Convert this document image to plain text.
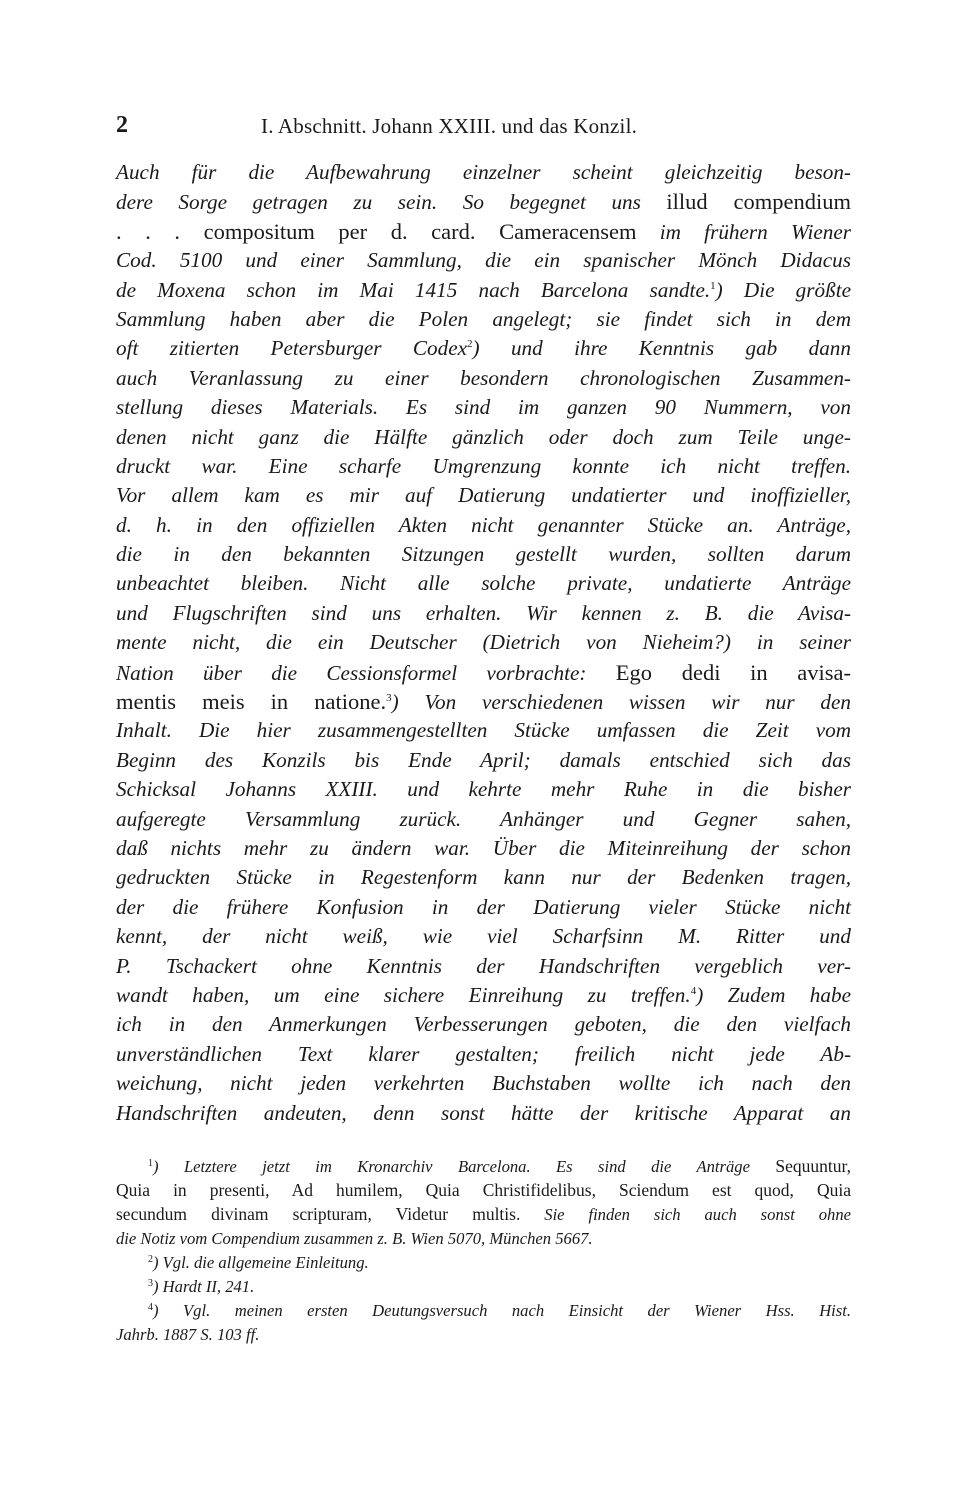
2	I. Abschnitt. Johann XXIII. und das Konzil.
Auch für die Aufbewahrung einzelner scheint gleichzeitig beson-
dere Sorge getragen zu sein. So begegnet uns illud compendium
. . . compositum per d. card. Cameracensem im frühern Wiener
Cod. 5100 und einer Sammlung, die ein spanischer Mönch Didacus
de Moxena schon im Mai 1415 nach Barcelona sandte.$^1$) Die größte
Sammlung haben aber die Polen angelegt; sie findet sich in dem
oft zitierten Petersburger Codex$^2$) und ihre Kenntnis gab dann
auch Veranlassung zu einer besondern chronologischen Zusammen-
stellung dieses Materials. Es sind im ganzen 90 Nummern, von
denen nicht ganz die Hälfte gänzlich oder doch zum Teile unge-
druckt war. Eine scharfe Umgrenzung konnte ich nicht treffen.
Vor allem kam es mir auf Datierung undatierter und inoffizieller,
d. h. in den offiziellen Akten nicht genannter Stücke an. Anträge,
die in den bekannten Sitzungen gestellt wurden, sollten darum
unbeachtet bleiben. Nicht alle solche private, undatierte Anträge
und Flugschriften sind uns erhalten. Wir kennen z. B. die Avisa-
mente nicht, die ein Deutscher (Dietrich von Nieheim?) in seiner
Nation über die Cessionsformel vorbrachte: Ego dedi in avisa-
mentis meis in natione.$^3$) Von verschiedenen wissen wir nur den
Inhalt. Die hier zusammengestellten Stücke umfassen die Zeit vom
Beginn des Konzils bis Ende April; damals entschied sich das
Schicksal Johanns XXIII. und kehrte mehr Ruhe in die bisher
aufgeregte Versammlung zurück. Anhänger und Gegner sahen,
daß nichts mehr zu ändern war. Über die Miteinreihung der schon
gedruckten Stücke in Regestenform kann nur der Bedenken tragen,
der die frühere Konfusion in der Datierung vieler Stücke nicht
kennt, der nicht weiß, wie viel Scharfsinn M. Ritter und
P. Tschackert ohne Kenntnis der Handschriften vergeblich ver-
wandt haben, um eine sichere Einreihung zu treffen.$^4$) Zudem habe
ich in den Anmerkungen Verbesserungen geboten, die den vielfach
unverständlichen Text klarer gestalten; freilich nicht jede Ab-
weichung, nicht jeden verkehrten Buchstaben wollte ich nach den
Handschriften andeuten, denn sonst hätte der kritische Apparat an
$^1$) Letztere jetzt im Kronarchiv Barcelona. Es sind die Anträge Sequuntur,
Quia in presenti, Ad humilem, Quia Christifidelibus, Sciendum est quod, Quia
secundum divinam scripturam, Videtur multis. Sie finden sich auch sonst ohne
die Notiz vom Compendium zusammen z. B. Wien 5070, München 5667.
$^2$) Vgl. die allgemeine Einleitung.
$^3$) Hardt II, 241.
$^4$) Vgl. meinen ersten Deutungsversuch nach Einsicht der Wiener Hss. Hist.
Jahrb. 1887 S. 103 ff.
